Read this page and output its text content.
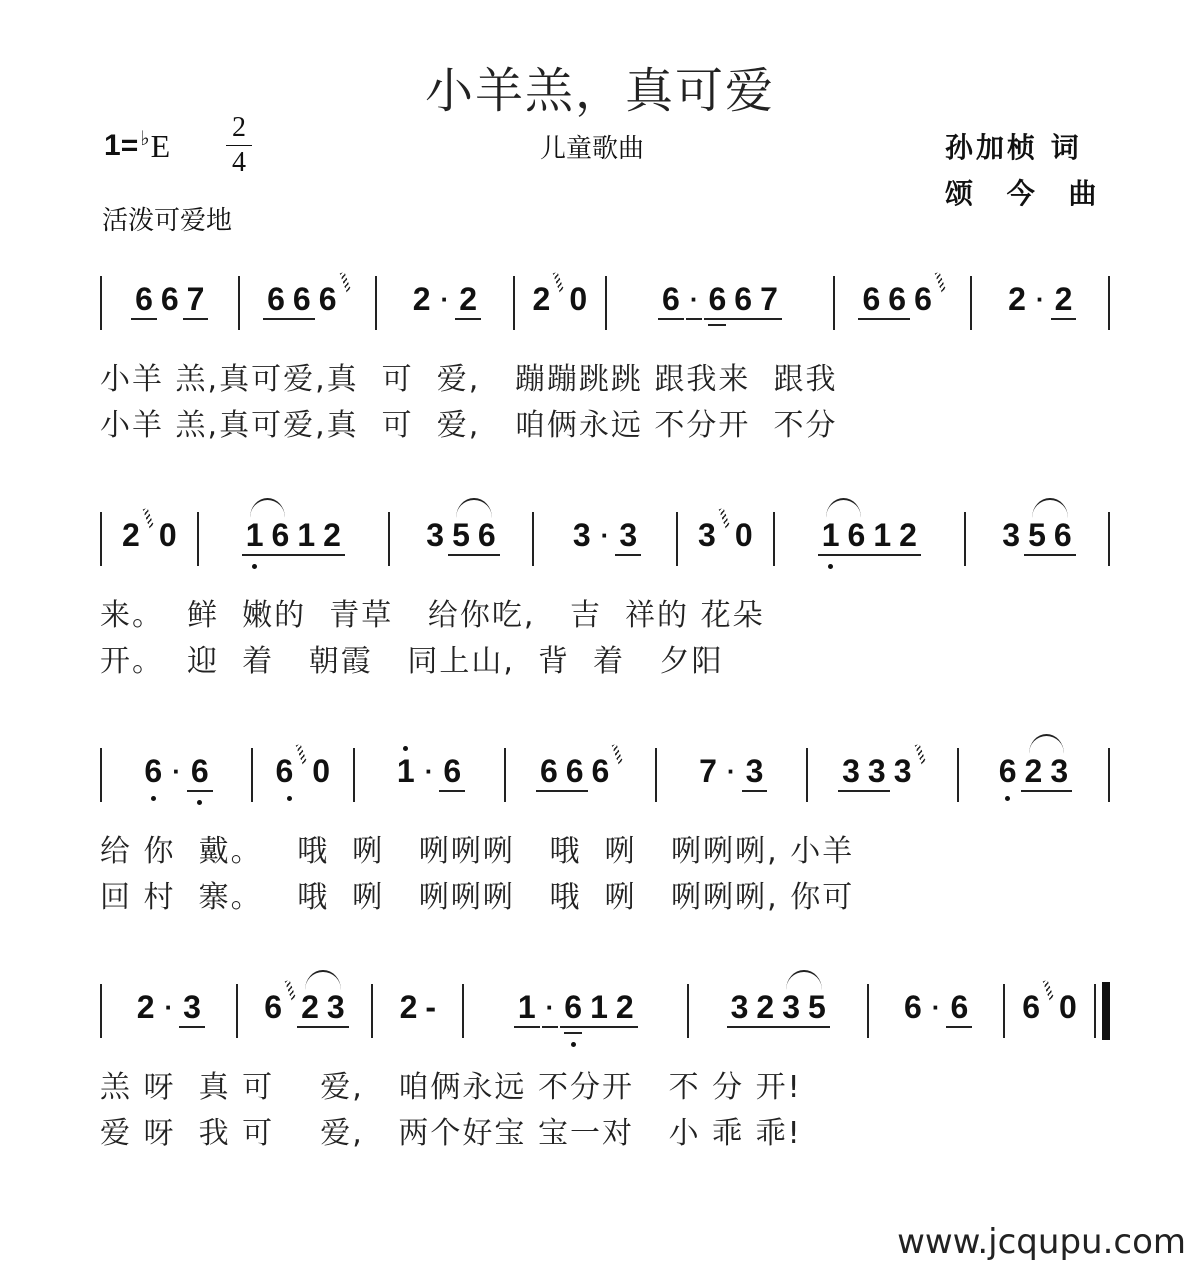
小羊羔，真可爱
1 = ♭ E
2
4	儿童歌曲	孙加桢 词
颂 今 曲
活泼可爱地
6 6 7 6 6 6 2 · 2 2 0 6 · 6 6 7	6 6 6 2 · 2
小羊 羔,真可爱,真  可  爱,   蹦蹦跳跳 跟我来  跟我
小羊 羔,真可爱,真  可  爱,   咱俩永远 不分开  不分
2 0 1 6 1 2	3 5 6 3 · 3 3 0 1 6 1 2	3 5 6
来。  鲜  嫩的  青草   给你吃,   吉  祥的 花朵
开。  迎  着   朝霞   同上山,  背  着   夕阳
6 · 6 6 0 1 · 6 6 6 6	7 · 3 3 3 3	6 2 3
给 你  戴。   哦  咧   咧咧咧   哦  咧   咧咧咧, 小羊
回 村  寨。   哦  咧   咧咧咧   哦  咧   咧咧咧, 你可
2 · 3 6 2 3 2 -	1 · 6 1 2	3 2 3 5 6 · 6 6 0
羔 呀  真 可    爱,   咱俩永远 不分开   不 分 开!
爱 呀  我 可    爱,   两个好宝 宝一对   小 乖 乖!
www.jcqupu.com
